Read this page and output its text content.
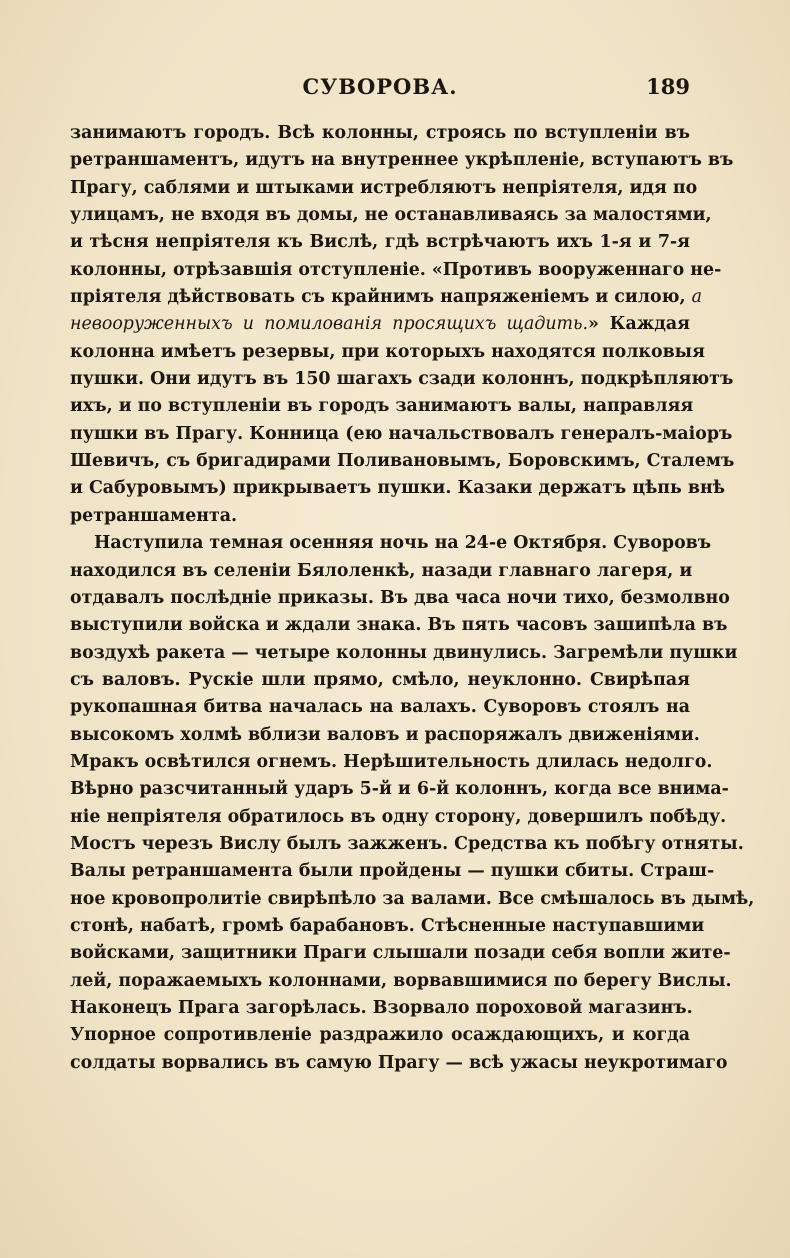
СУВОРОВА.	189
занимаютъ городъ. Всѣ колонны, строясь по вступленіи въ
ретраншаментъ, идутъ на внутреннее укрѣпленіе, вступаютъ въ
Прагу, саблями и штыками истребляютъ непріятеля, идя по
улицамъ, не входя въ домы, не останавливаясь за малостями,
и тѣсня непріятеля къ Вислѣ, гдѣ встрѣчаютъ ихъ 1-я и 7-я
колонны, отрѣзавшія отступленіе. «Противъ вооруженнаго не-
пріятеля дѣйствовать съ крайнимъ напряженіемъ и силою, а
невооруженныхъ и помилованія просящихъ щадить.» Каждая
колонна имѣетъ резервы, при которыхъ находятся полковыя
пушки. Они идутъ въ 150 шагахъ сзади колоннъ, подкрѣпляютъ
ихъ, и по вступленіи въ городъ занимаютъ валы, направляя
пушки въ Прагу. Конница (ею начальствовалъ генералъ-маіоръ
Шевичъ, съ бригадирами Поливановымъ, Боровскимъ, Сталемъ
и Сабуровымъ) прикрываетъ пушки. Казаки держатъ цѣпь внѣ
ретраншамента.
Наступила темная осенняя ночь на 24-е Октября. Суворовъ
находился въ селеніи Бялоленкѣ, назади главнаго лагеря, и
отдавалъ послѣдніе приказы. Въ два часа ночи тихо, безмолвно
выступили войска и ждали знака. Въ пять часовъ зашипѣла въ
воздухѣ ракета — четыре колонны двинулись. Загремѣли пушки
съ валовъ. Рускіе шли прямо, смѣло, неуклонно. Свирѣпая
рукопашная битва началась на валахъ. Суворовъ стоялъ на
высокомъ холмѣ вблизи валовъ и распоряжалъ движеніями.
Мракъ освѣтился огнемъ. Нерѣшительность длилась недолго.
Вѣрно разсчитанный ударъ 5-й и 6-й колоннъ, когда все внима-
ніе непріятеля обратилось въ одну сторону, довершилъ побѣду.
Мостъ черезъ Вислу былъ зажженъ. Средства къ побѣгу отняты.
Валы ретраншамента были пройдены — пушки сбиты. Страш-
ное кровопролитіе свирѣпѣло за валами. Все смѣшалось въ дымѣ,
стонѣ, набатѣ, громѣ барабановъ. Стѣсненные наступавшими
войсками, защитники Праги слышали позади себя вопли жите-
лей, поражаемыхъ колоннами, ворвавшимися по берегу Вислы.
Наконецъ Прага загорѣлась. Взорвало пороховой магазинъ.
Упорное сопротивленіе раздражило осаждающихъ, и когда
солдаты ворвались въ самую Прагу — всѣ ужасы неукротимаго
